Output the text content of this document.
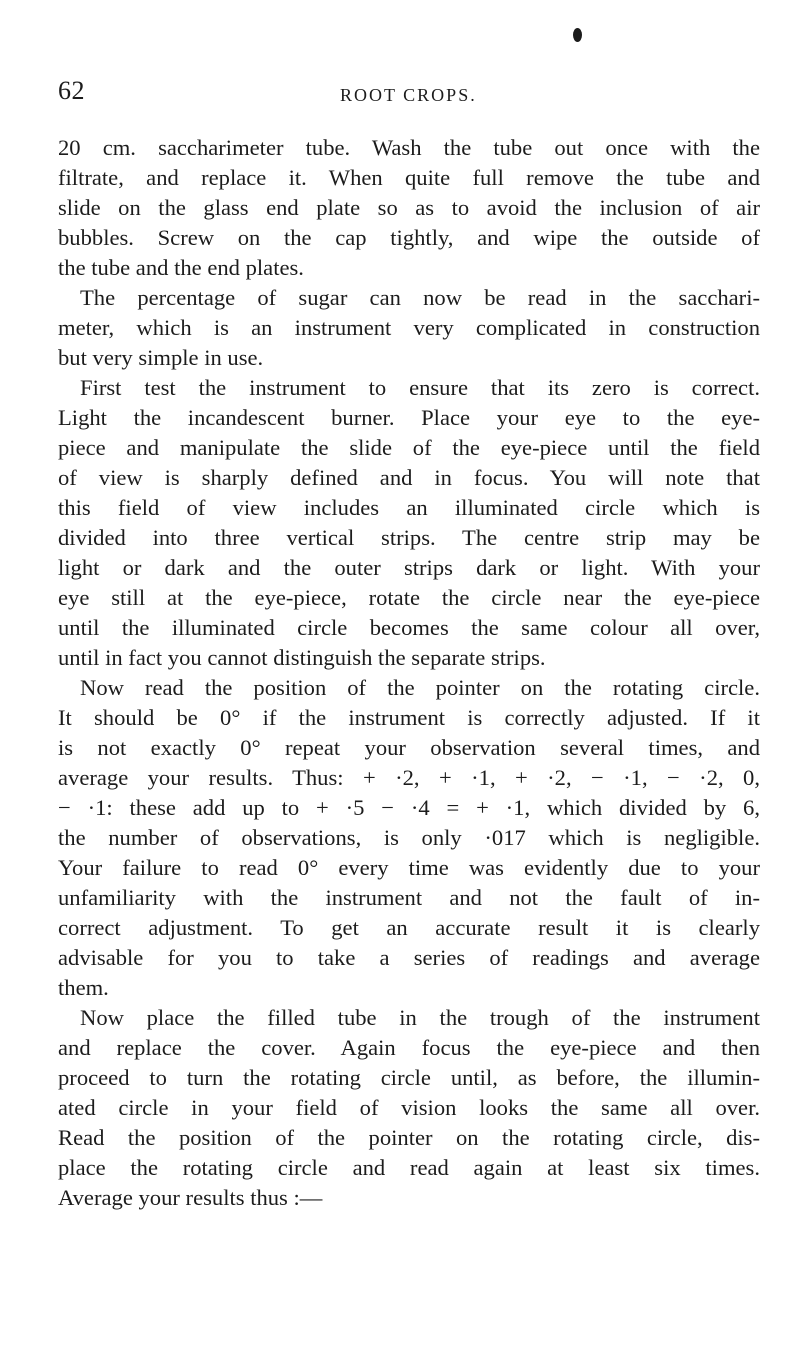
62	ROOT CROPS.
20 cm. saccharimeter tube. Wash the tube out once with the
filtrate, and replace it. When quite full remove the tube and
slide on the glass end plate so as to avoid the inclusion of air
bubbles. Screw on the cap tightly, and wipe the outside of
the tube and the end plates.
The percentage of sugar can now be read in the sacchari-
meter, which is an instrument very complicated in construction
but very simple in use.
First test the instrument to ensure that its zero is correct.
Light the incandescent burner. Place your eye to the eye-
piece and manipulate the slide of the eye-piece until the field
of view is sharply defined and in focus. You will note that
this field of view includes an illuminated circle which is
divided into three vertical strips. The centre strip may be
light or dark and the outer strips dark or light. With your
eye still at the eye-piece, rotate the circle near the eye-piece
until the illuminated circle becomes the same colour all over,
until in fact you cannot distinguish the separate strips.
Now read the position of the pointer on the rotating circle.
It should be 0° if the instrument is correctly adjusted. If it
is not exactly 0° repeat your observation several times, and
average your results. Thus: + ·2, + ·1, + ·2, − ·1, − ·2, 0,
− ·1: these add up to + ·5 − ·4 = + ·1, which divided by 6,
the number of observations, is only ·017 which is negligible.
Your failure to read 0° every time was evidently due to your
unfamiliarity with the instrument and not the fault of in-
correct adjustment. To get an accurate result it is clearly
advisable for you to take a series of readings and average
them.
Now place the filled tube in the trough of the instrument
and replace the cover. Again focus the eye-piece and then
proceed to turn the rotating circle until, as before, the illumin-
ated circle in your field of vision looks the same all over.
Read the position of the pointer on the rotating circle, dis-
place the rotating circle and read again at least six times.
Average your results thus :—
